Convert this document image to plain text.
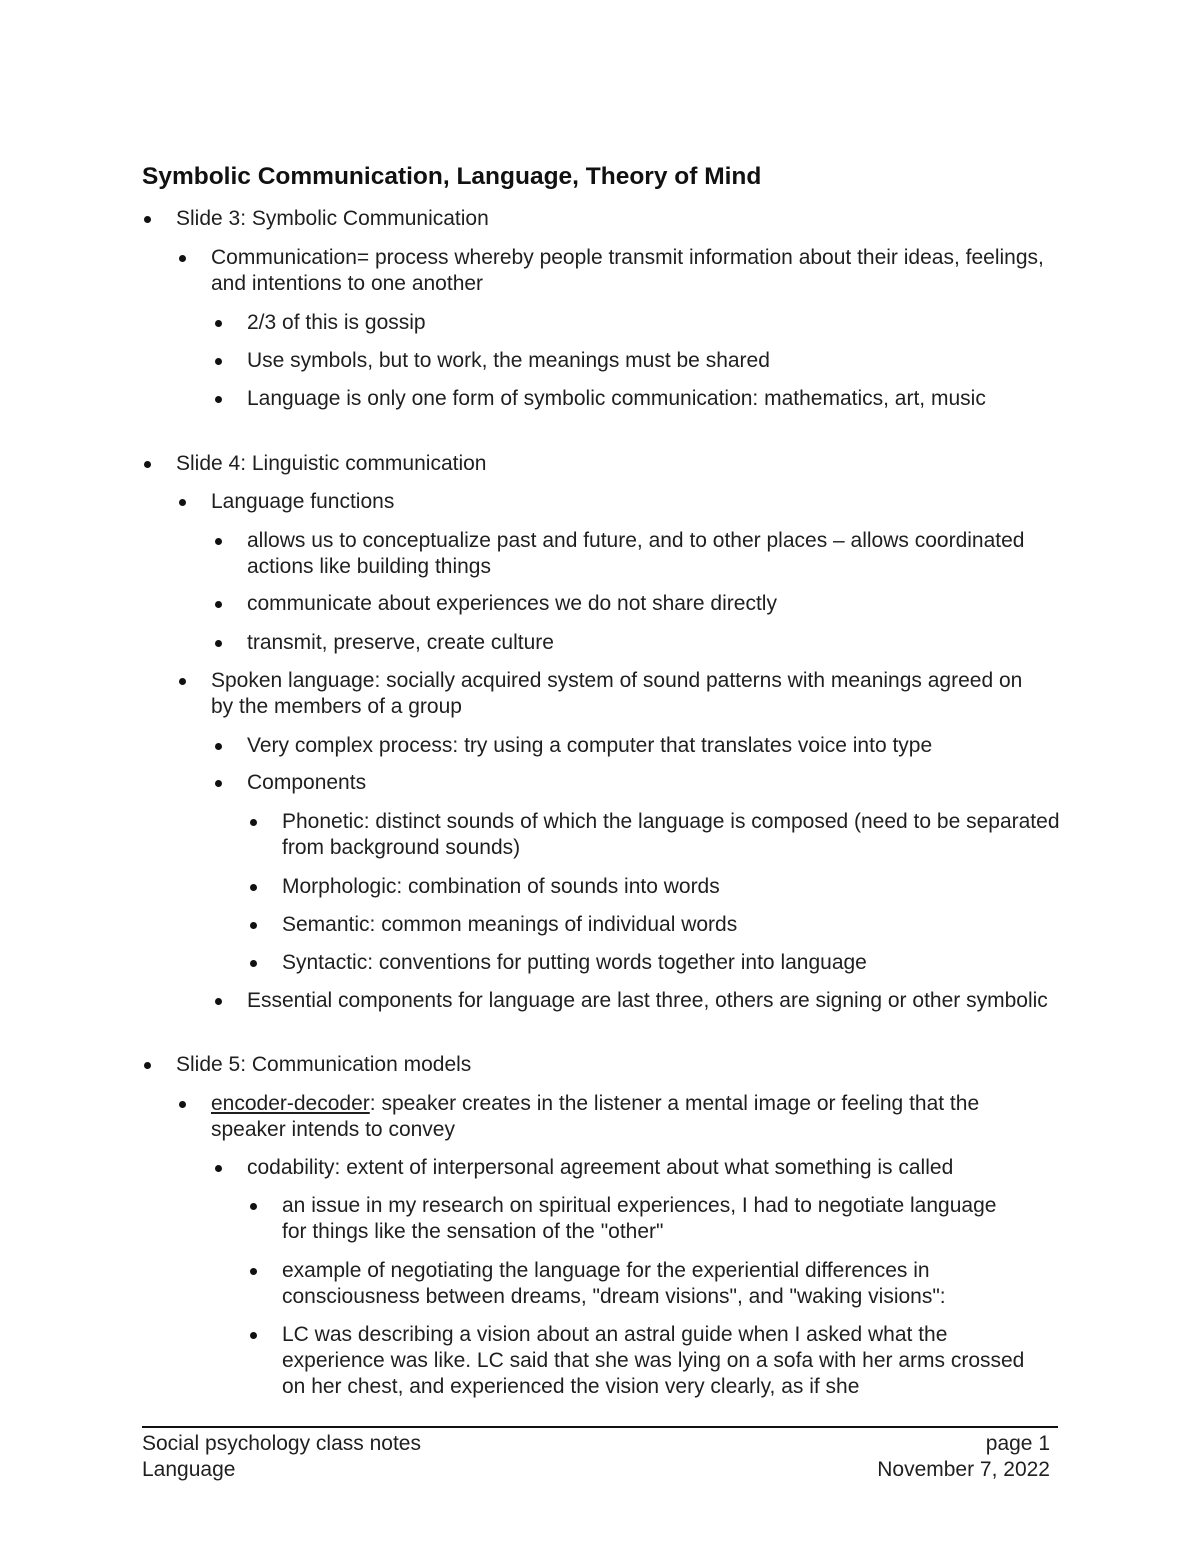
Symbolic Communication, Language, Theory of Mind
Slide 3: Symbolic Communication
Communication= process whereby people transmit information about their ideas, feelings, and intentions to one another
2/3 of this is gossip
Use symbols, but to work, the meanings must be shared
Language is only one form of symbolic communication: mathematics, art, music
Slide 4: Linguistic communication
Language functions
allows us to conceptualize past and future, and to other places – allows coordinated actions like building things
communicate about experiences we do not share directly
transmit, preserve, create culture
Spoken language: socially acquired system of sound patterns with meanings agreed on by the members of a group
Very complex process: try using a computer that translates voice into type
Components
Phonetic: distinct sounds of which the language is composed (need to be separated from background sounds)
Morphologic: combination of sounds into words
Semantic: common meanings of individual words
Syntactic: conventions for putting words together into language
Essential components for language are last three, others are signing or other symbolic
Slide 5: Communication models
encoder-decoder: speaker creates in the listener a mental image or feeling that the speaker intends to convey
codability: extent of interpersonal agreement about what something is called
an issue in my research on spiritual experiences, I had to negotiate language for things like the sensation of the "other"
example of negotiating the language for the experiential differences in consciousness between dreams, "dream visions", and "waking visions":
LC was describing a vision about an astral guide when I asked what the experience was like. LC said that she was lying on a sofa with her arms crossed on her chest, and experienced the vision very clearly, as if she
Social psychology class notes
Language
page 1
November 7, 2022
